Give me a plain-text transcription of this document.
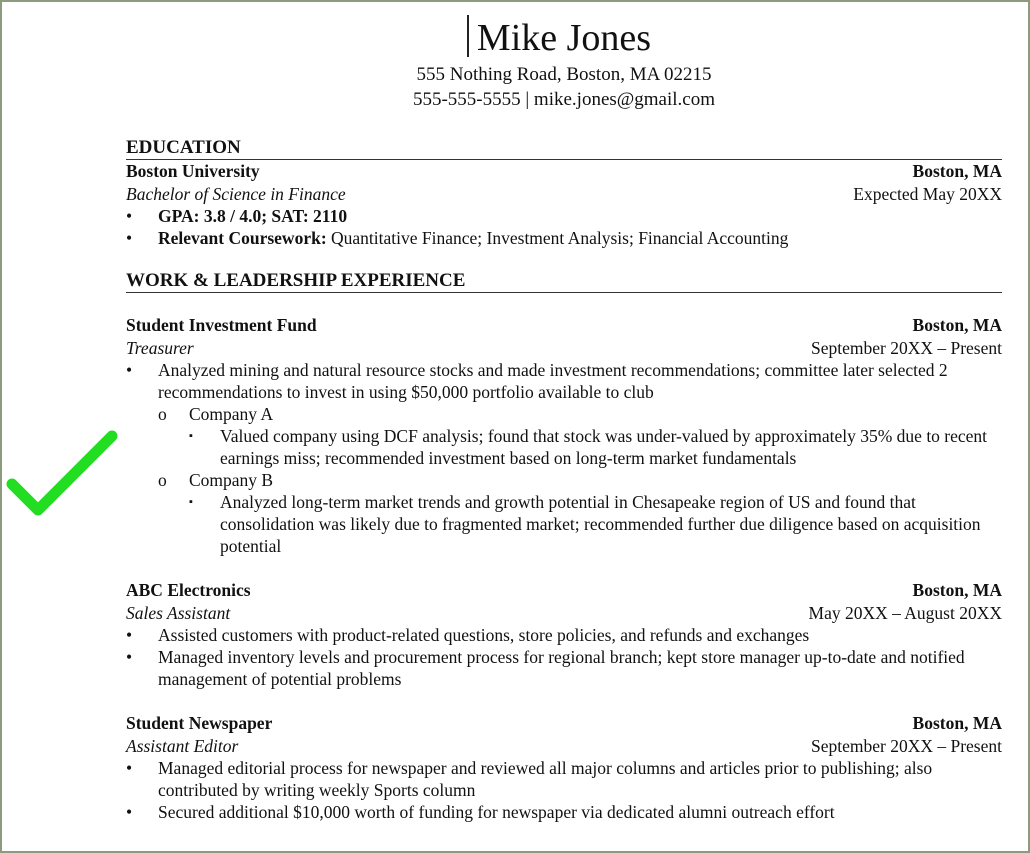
Mike Jones
555 Nothing Road, Boston, MA 02215
555-555-5555 | mike.jones@gmail.com
EDUCATION
Boston University	Boston, MA
Bachelor of Science in Finance	Expected May 20XX
•	GPA: 3.8 / 4.0; SAT: 2110
•	Relevant Coursework: Quantitative Finance; Investment Analysis; Financial Accounting
WORK & LEADERSHIP EXPERIENCE
Student Investment Fund	Boston, MA
Treasurer	September 20XX – Present
•	Analyzed mining and natural resource stocks and made investment recommendations; committee later selected 2 recommendations to invest in using $50,000 portfolio available to club
o	Company A
▪	Valued company using DCF analysis; found that stock was under-valued by approximately 35% due to recent earnings miss; recommended investment based on long-term market fundamentals
o	Company B
▪	Analyzed long-term market trends and growth potential in Chesapeake region of US and found that consolidation was likely due to fragmented market; recommended further due diligence based on acquisition potential
ABC Electronics	Boston, MA
Sales Assistant	May 20XX – August 20XX
•	Assisted customers with product-related questions, store policies, and refunds and exchanges
•	Managed inventory levels and procurement process for regional branch; kept store manager up-to-date and notified management of potential problems
Student Newspaper	Boston, MA
Assistant Editor	September 20XX – Present
•	Managed editorial process for newspaper and reviewed all major columns and articles prior to publishing; also contributed by writing weekly Sports column
•	Secured additional $10,000 worth of funding for newspaper via dedicated alumni outreach effort
